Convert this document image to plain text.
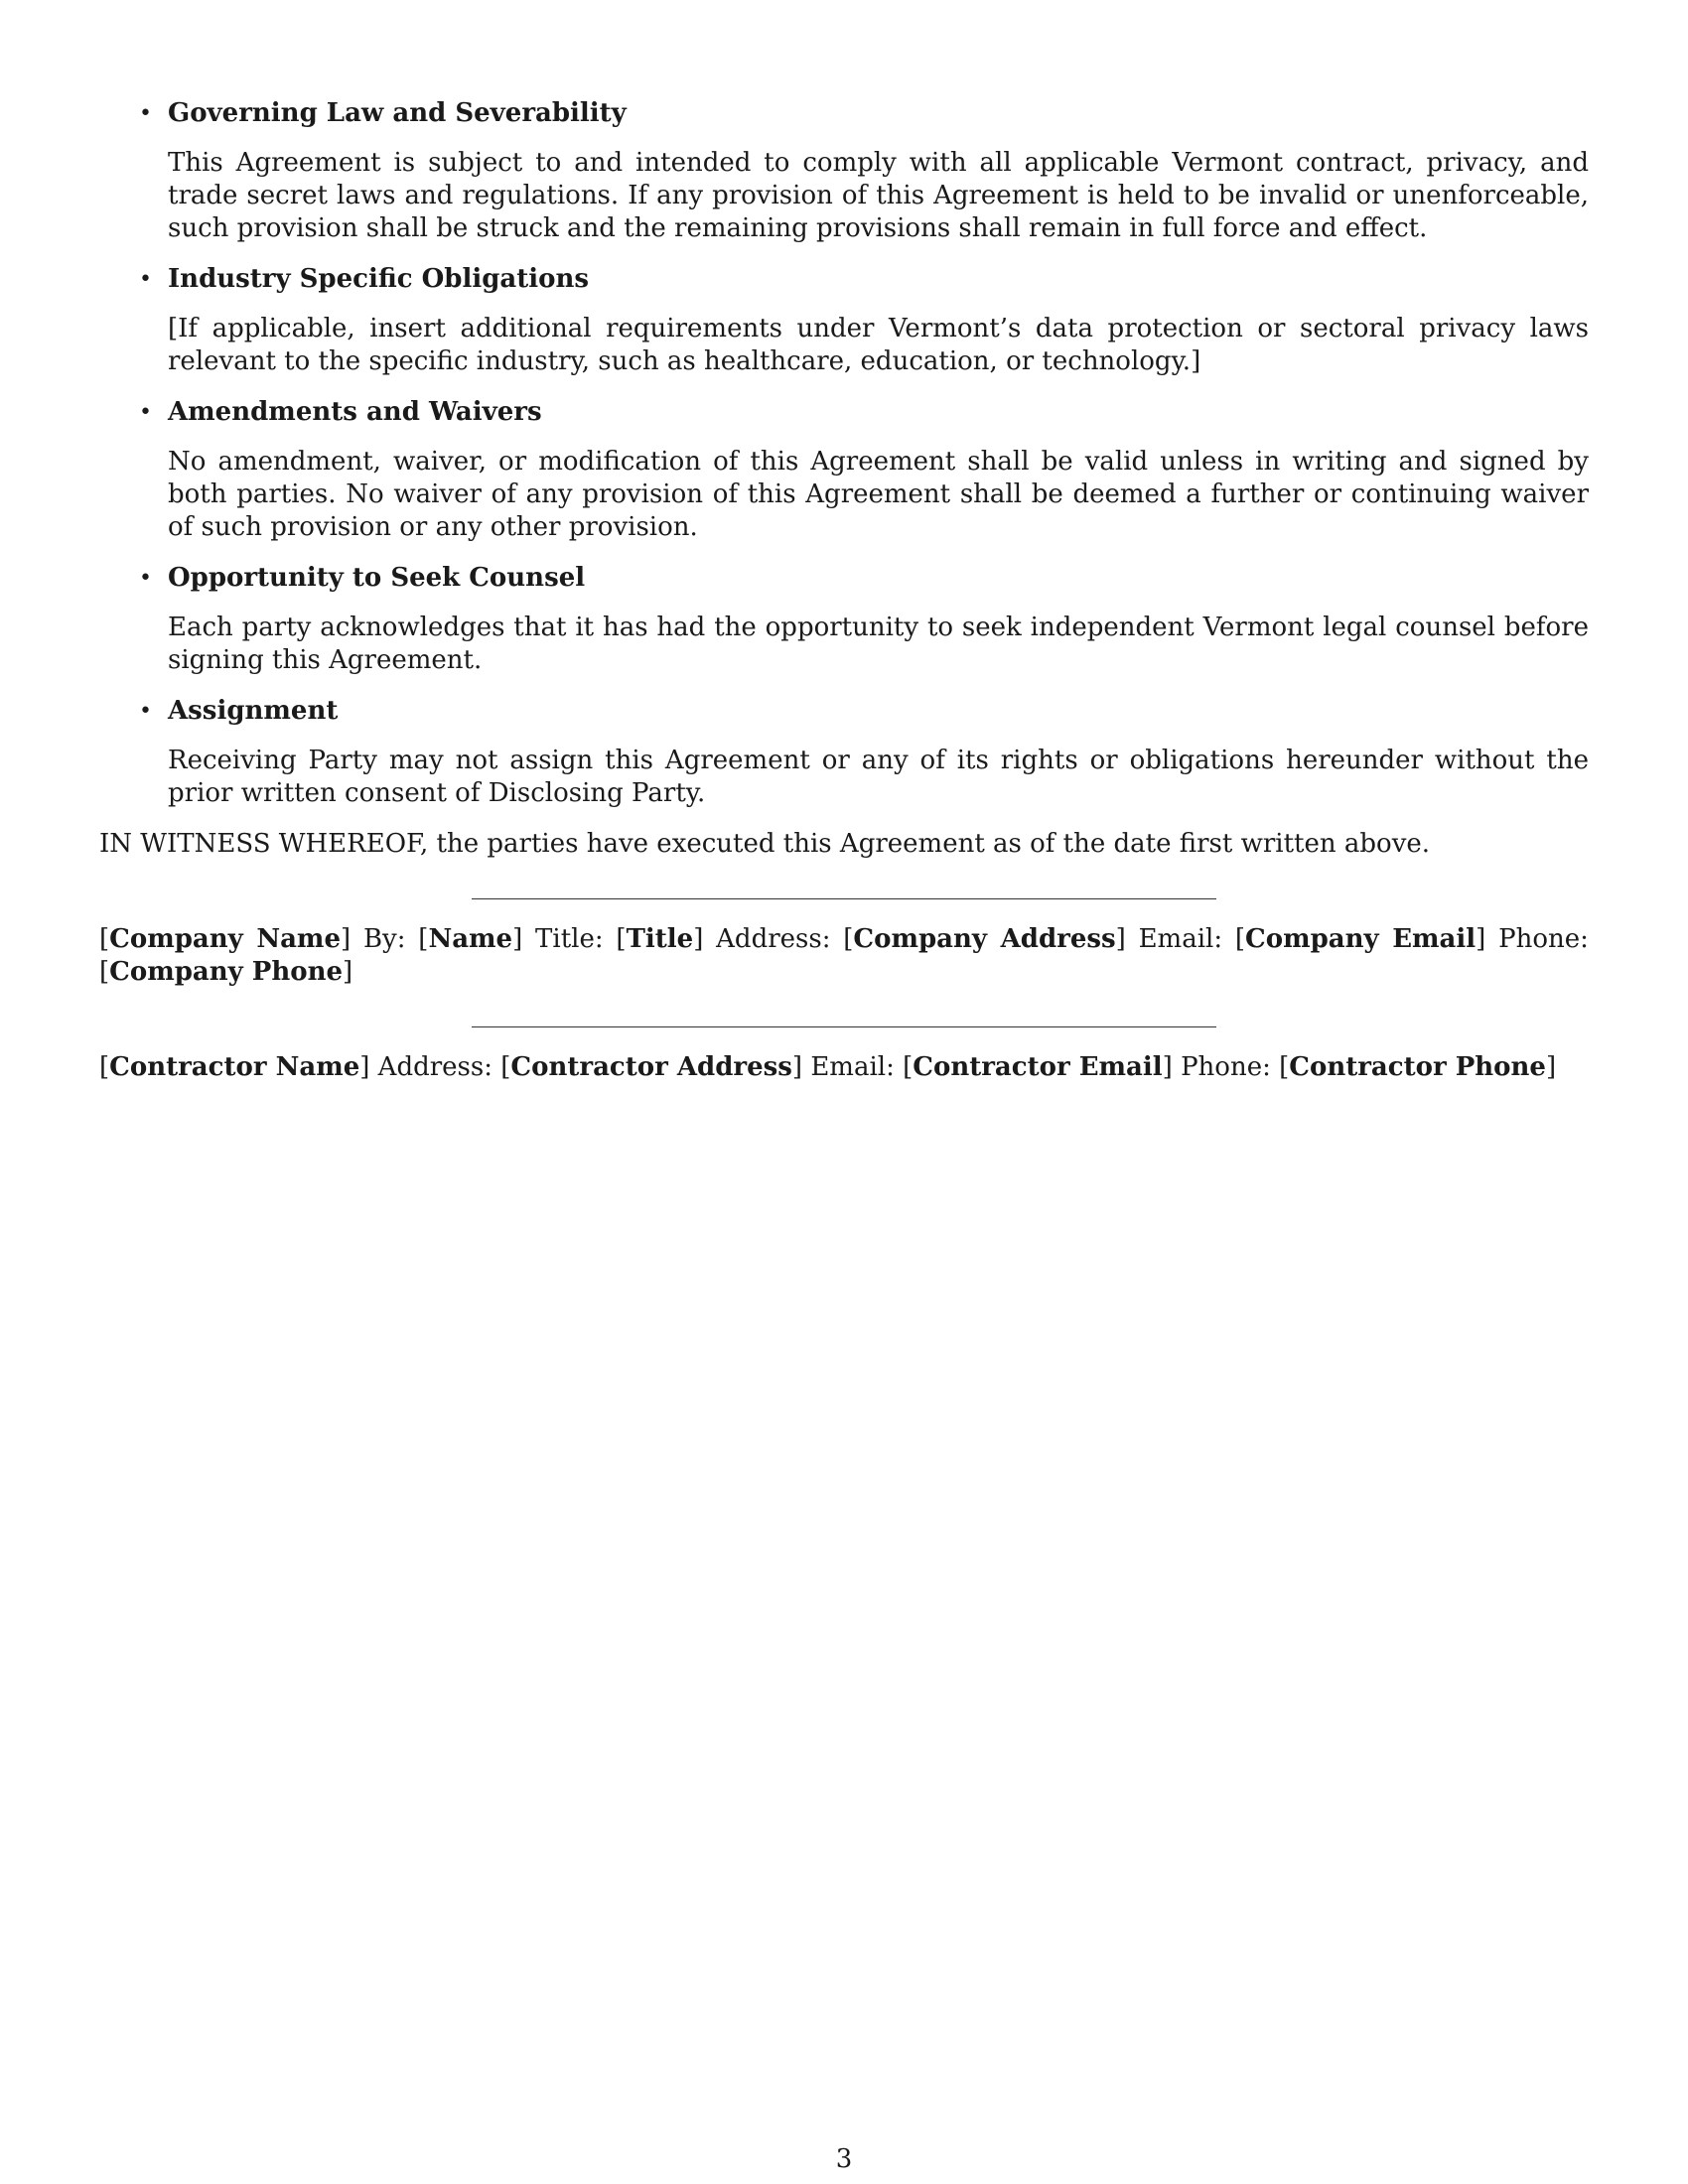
• Governing Law and Severability

This Agreement is subject to and intended to comply with all applicable Vermont contract, privacy, and trade secret laws and regulations. If any provision of this Agreement is held to be invalid or unenforceable, such provision shall be struck and the remaining provisions shall remain in full force and effect.

• Industry Specific Obligations

[If applicable, insert additional requirements under Vermont’s data protection or sectoral privacy laws relevant to the specific industry, such as healthcare, education, or technology.]

• Amendments and Waivers

No amendment, waiver, or modification of this Agreement shall be valid unless in writing and signed by both parties. No waiver of any provision of this Agreement shall be deemed a further or continuing waiver of such provision or any other provision.

• Opportunity to Seek Counsel

Each party acknowledges that it has had the opportunity to seek independent Vermont legal counsel before signing this Agreement.

• Assignment

Receiving Party may not assign this Agreement or any of its rights or obligations hereunder without the prior written consent of Disclosing Party.

IN WITNESS WHEREOF, the parties have executed this Agreement as of the date first written above.

[Company Name] By: [Name] Title: [Title] Address: [Company Address] Email: [Company Email] Phone: [Company Phone]

[Contractor Name] Address: [Contractor Address] Email: [Contractor Email] Phone: [Contractor Phone]

3
